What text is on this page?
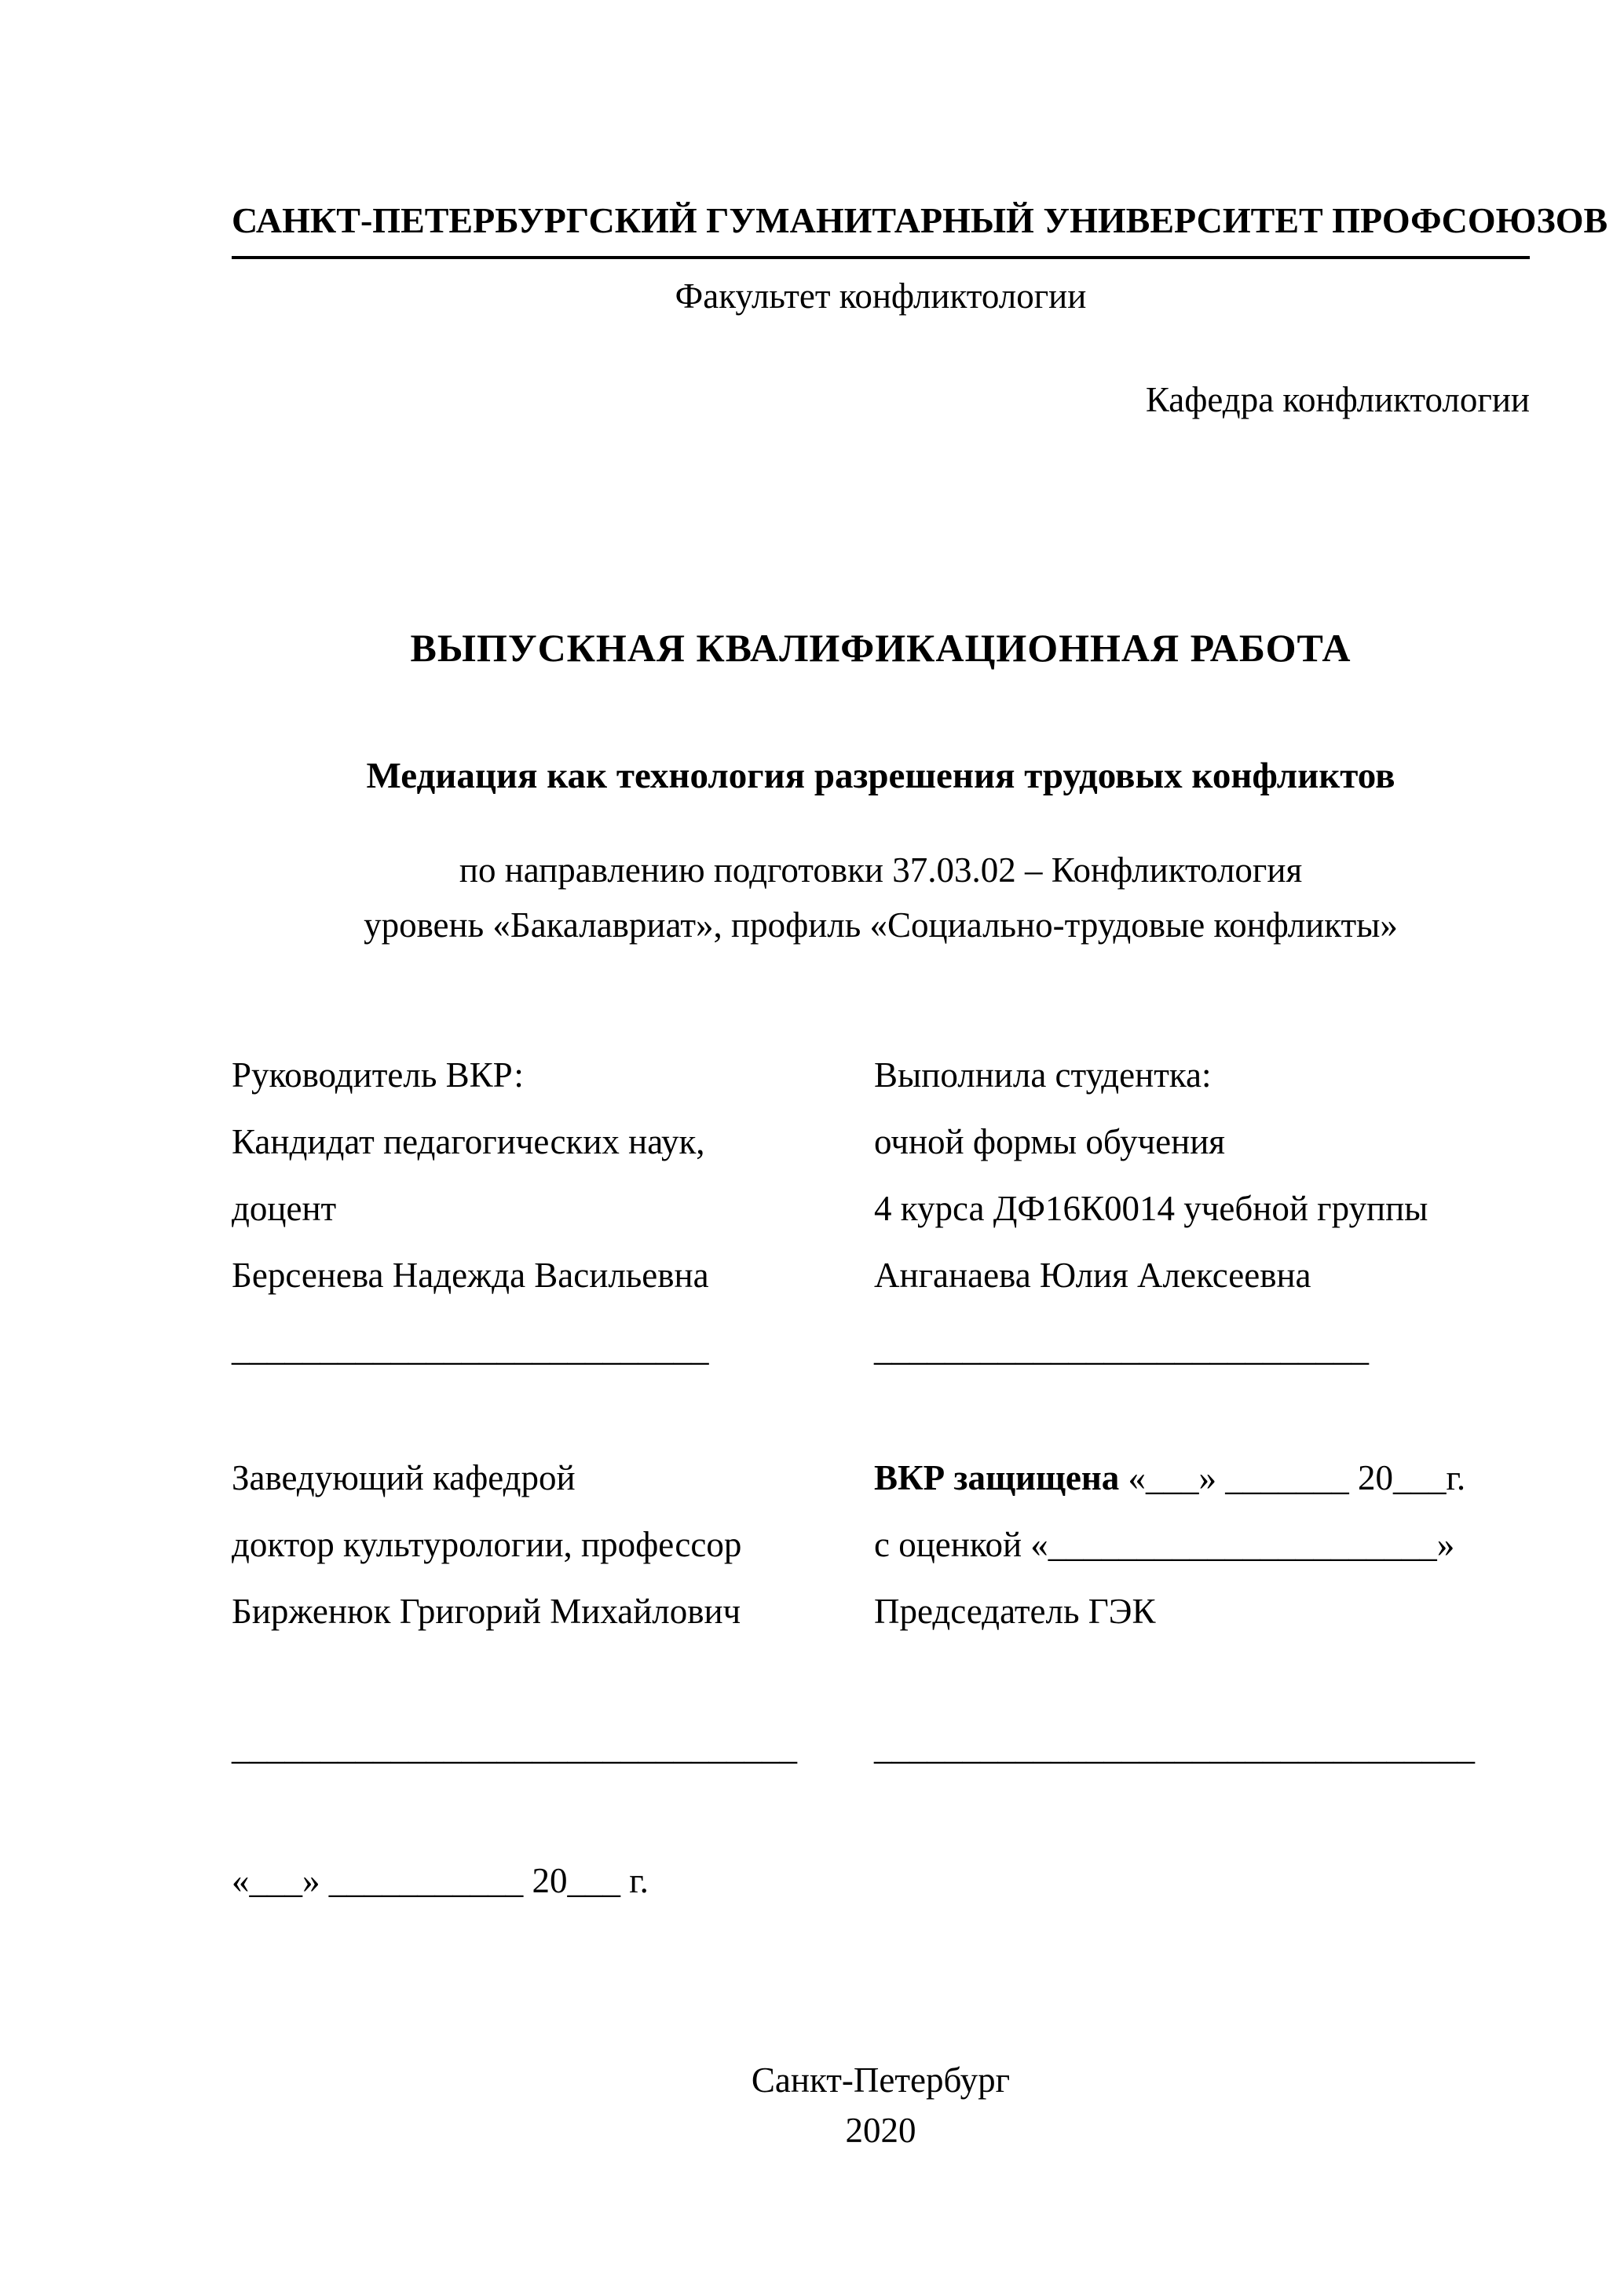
САНКТ-ПЕТЕРБУРГСКИЙ ГУМАНИТАРНЫЙ УНИВЕРСИТЕТ ПРОФСОЮЗОВ
Факультет конфликтологии
Кафедра конфликтологии
ВЫПУСКНАЯ КВАЛИФИКАЦИОННАЯ РАБОТА
Медиация как технология разрешения трудовых конфликтов
по направлению подготовки 37.03.02 – Конфликтология
уровень «Бакалавриат», профиль «Социально-трудовые конфликты»
Руководитель ВКР:
Кандидат педагогических наук,
доцент
Берсенева Надежда Васильевна
___________________________
Заведующий кафедрой
доктор культурологии, профессор
Бирженюк Григорий Михайлович
________________________________
«___» ___________ 20___ г.
Выполнила студентка:
очной формы обучения
4 курса ДФ16К0014 учебной группы
Анганаева Юлия Алексеевна
____________________________
ВКР защищена «___» _______ 20___г.
с оценкой «______________________»
Председатель ГЭК
__________________________________
Санкт-Петербург
2020
